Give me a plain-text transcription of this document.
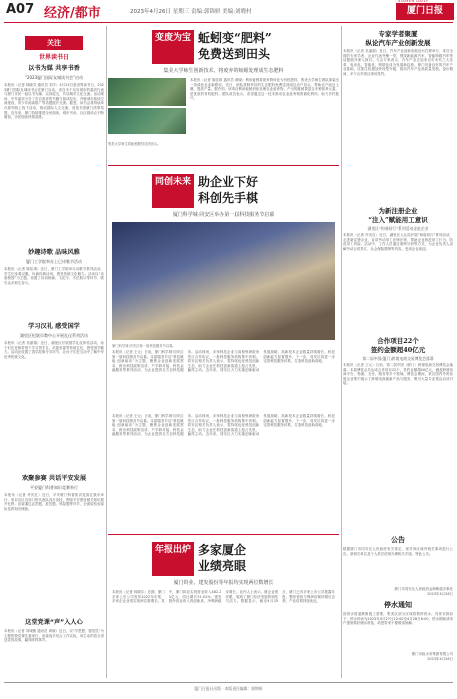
A07 经济/都市	2023年4月26日 星期三 责编:郭锦妍 美编:刘晓村
XIAMEN DAILY
厦门日报
关注
世界读书日
以书为媒 共享书香
“2023厦门国际友城读书会”启动
本报讯（记者 林晓芬 通讯员 刘宇）4月23日是世界读书日，2023厦门国际友城读书会在厦门启动。来自多个友好城市的嘉宾代表与厦门市民一起以书为媒、以读促交，共话城市文化交流。活动现场，中外嘉宾分享了各自喜爱的书籍与阅读经历，并就城市阅读空间建设、青少年阅读推广等话题展开交流。据悉，读书会将持续举办系列线上线下活动，推动国际人文交流，营造书香厦门浓厚氛围。近年来，厦门持续推进全民阅读，城市书房、社区阅读点不断增加，市民阅读热情高涨。
妙趣诗歌 品味风雅
厦门工学院举办上巳诗歌节活动
本报讯（记者 陈佳琪）近日，厦门工学院举办诗歌节系列活动，学生们身着汉服，吟诵经典诗词，感受传统文化魅力。活动以“诗意校园”为主题，设置了诗词朗诵、飞花令、书法展示等环节，吸引众多师生参与。
学习汉礼 感受国学
湖里区纪联早教中心开展礼仪系列活动
本报讯（记者 吴丽娟）近日，湖里区开展国学礼仪体验活动，孩子们在老师带领下学习拱手礼、站姿坐姿等传统礼仪，感受国学魅力。活动还设置了国学故事分享环节，让孩子们在互动中了解中华优秀传统文化。
欢聚参赛 共话平安发展
平安厦门科普知识竞赛举行
本报讯（记者 许庆红）近日，平安厦门科普知识竞赛在我市举行，来自各区各部门的代表队同台竞技，围绕平安建设相关知识展开比拼。竞赛通过必答题、抢答题、风险题等环节，全面检验参赛队伍的知识储备。
这堂党课“声”入人心
本报讯（记者 刘城敏 通讯员 黄晓）近日，以“学思想、强党性”为主题的微党课比赛举行，参赛选手结合工作实际，用生动的语言讲述党的故事，赢得阵阵掌声。
变废为宝 蚯蚓变“肥料”
免费送到田头
集美大学师生创新技术，将废弃的蚯蚓处理成生态肥料
本报讯（记者 陈佳琪 通讯员 黄晓）利用蚯蚓将废弃物转化为有机肥料，集美大学师生团队探索出一条绿色农业新路径。近日，团队将制作好的生态肥料免费送到周边农户田头，帮助农户改良土壤、提高产量。据介绍，该项目利用蚯蚓消化处理农业废弃物，产出的蚯蚓粪富含多种营养元素，是优质的有机肥料。团队成员表示，希望通过这一技术推动农业废弃物资源化利用，助力乡村振兴。
集美大学师生将蚯蚓肥料送到田头。
同创未来 助企业下好
科创先手棋
厦门科学城·同安区举办第一届科技服务节启幕
厦门科学城·同安区第一届科技服务节启幕。
本报讯（记者 王元）日前，厦门科学城·同安区第一届科技服务节启幕。本届服务节以“科技赋能 创新驱动”为主题，聚焦企业创新发展需求，推出科技政策宣讲、产学研对接、科技金融服务等系列活动，为企业提供全方位科技服务。活动现场，多家科技企业与高校科研院所签订合作协议，一批科技服务机构集中亮相。同安区相关负责人表示，将持续优化科技创新生态，助力企业在科技创新赛道上抢占先机、赢得主动。近年来，同安区大力实施创新驱动发展战略，高新技术企业数量持续增长，科技创新能力显著提升。下一步，同安区将进一步完善科技服务体系，打造科技创新高地。
本报讯（记者 王元）日前，厦门科学城·同安区第一届科技服务节启幕。本届服务节以“科技赋能 创新驱动”为主题，聚焦企业创新发展需求，推出科技政策宣讲、产学研对接、科技金融服务等系列活动，为企业提供全方位科技服务。活动现场，多家科技企业与高校科研院所签订合作协议，一批科技服务机构集中亮相。同安区相关负责人表示，将持续优化科技创新生态，助力企业在科技创新赛道上抢占先机、赢得主动。近年来，同安区大力实施创新驱动发展战略，高新技术企业数量持续增长，科技创新能力显著提升。下一步，同安区将进一步完善科技服务体系，打造科技创新高地。
年报出炉 多家厦企
业绩亮眼
厦门钨业、建发股份等年报均实现两位数增长
本报讯（记者 林晓芬）近期，厦门多家上市公司发布2022年年报，多家企业业绩实现两位数增长。其中，厦门钨业实现营业收入482.23亿元，同比增长51.02%；建发股份营业收入再创新高，净利润稳步增长。业内人士表示，厦企业绩亮眼，展现了厦门经济发展的韧性与活力。数据显示，截至4月25日，厦门已有多家上市公司披露年报，整体营收与利润均保持增长态势，产业结构持续优化。
专家学者聚厦
纵论汽车产业创新发展
本报讯（记者 吴丽娟）近日，汽车产业创新发展论坛在厦举行，来自全国的专家学者、企业代表齐聚一堂，围绕新能源汽车、智能网联汽车等话题展开深入探讨。与会专家表示，汽车产业正迎来百年未有之大变革，电动化、智能化、网联化成为发展新趋势。厦门具备良好的汽车产业基础，应抓住机遇加快转型升级，推动汽车产业高质量发展。论坛期间，多个合作项目现场签约。
为新注册企业
“注入”赋能用工意识
湖里区“和谐同行”系列活动走进企业
本报讯（记者 许庆红）近日，湖里区人社局开展“和谐同行”系列活动，走进新注册企业，宣讲劳动用工法律法规，帮助企业规范用工行为、防范用工风险。活动中，工作人员通过案例分析等方式，为企业负责人讲解劳动合同签订、社会保险缴纳等内容，受到企业欢迎。
合作项目22个
签约金额超40亿元
第二届中国(厦门)跨境电商交易博览会落幕
本报讯（记者 王元）日前，第二届中国（厦门）跨境电商交易博览会落幕。本届博览会共达成合作项目22个，签约金额超40亿元，涵盖跨境电商平台、物流、支付、服务等多个领域。博览会期间，来自国内外的参展企业集中展示了跨境电商最新产品与服务，吸引大量专业观众洽谈对接。
公告
根据厦门市同安区人民政府有关规定，现对该区域内相关事项进行公告。请相关单位及个人依法依规办理相关手续。特此公告。
厦门市同安区人民政府金海街道办事处
2023年4月26日
停水通知
因供水管道维修施工需要，集美区部分区域将暂停供水。具体安排如下：停水时间为2023年4月27日22:00至4月28日6:00，停水期间请用户提前做好储水准备，给您带来不便敬请谅解。
厦门市政水务集团有限公司
2023年4月26日
厦门日报社出版 · 本版责任编辑：郭锦妍
